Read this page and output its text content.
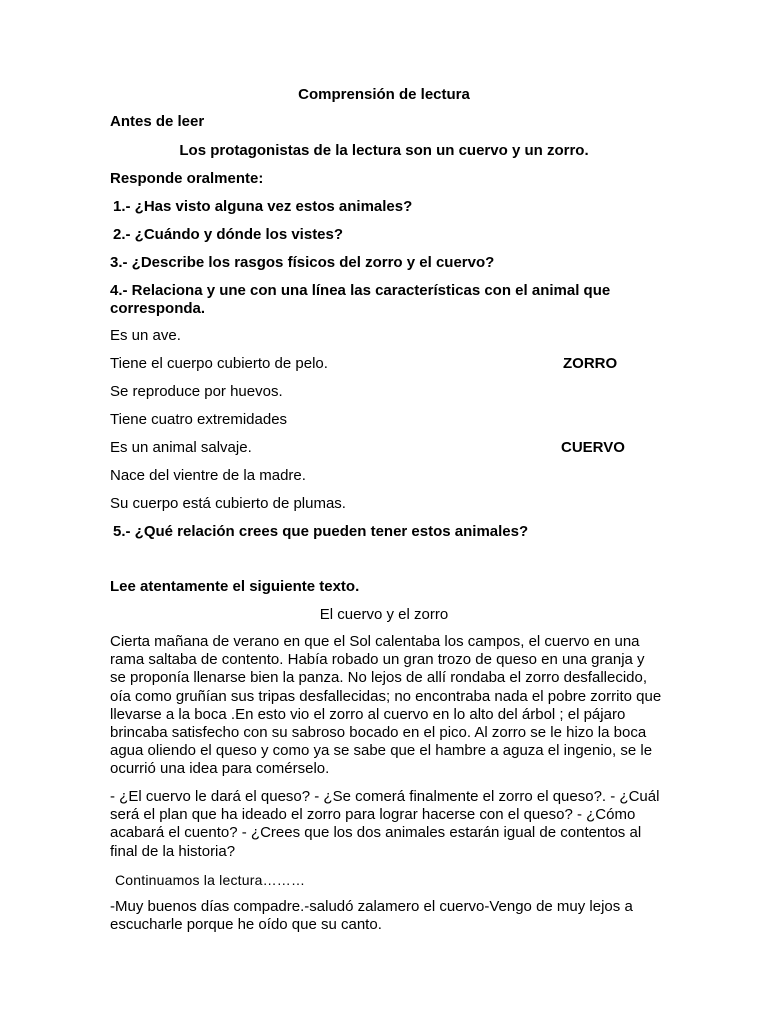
Comprensión de lectura
Antes de leer
Los protagonistas de la lectura son un cuervo y un zorro.
Responde oralmente:
1.- ¿Has visto alguna vez estos animales?
2.- ¿Cuándo y dónde los vistes?
3.- ¿Describe los rasgos físicos del zorro y el cuervo?
4.- Relaciona y une con una línea las características con el animal que
corresponda.
Es un ave.
Tiene el cuerpo cubierto de pelo.
Se reproduce por huevos.
Tiene cuatro extremidades
Es un animal salvaje.
Nace del vientre de la madre.
Su cuerpo está cubierto de plumas.
ZORRO
CUERVO
5.- ¿Qué relación crees que pueden tener estos animales?
Lee atentamente el siguiente texto.
El cuervo y el zorro
Cierta mañana de verano en que el Sol calentaba los campos, el cuervo en una rama saltaba de contento. Había robado un gran trozo de queso en una granja y se proponía llenarse bien la panza. No lejos de allí rondaba el zorro desfallecido, oía como gruñían sus tripas desfallecidas; no encontraba nada el pobre zorrito que llevarse a la boca .En esto vio el zorro al cuervo en lo alto del árbol ; el pájaro brincaba satisfecho con su sabroso bocado en el pico. Al zorro se le hizo la boca agua oliendo el queso y como ya se sabe que el hambre a aguza el ingenio, se le ocurrió una idea para comérselo.
- ¿El cuervo le dará el queso? - ¿Se comerá finalmente el zorro el queso?. - ¿Cuál será el plan que ha ideado el zorro para lograr hacerse con el queso? - ¿Cómo acabará el cuento? - ¿Crees que los dos animales estarán igual de contentos al final de la historia?
Continuamos la lectura………
-Muy buenos días compadre.-saludó zalamero el cuervo-Vengo de muy lejos a escucharle porque he oído que su canto.
